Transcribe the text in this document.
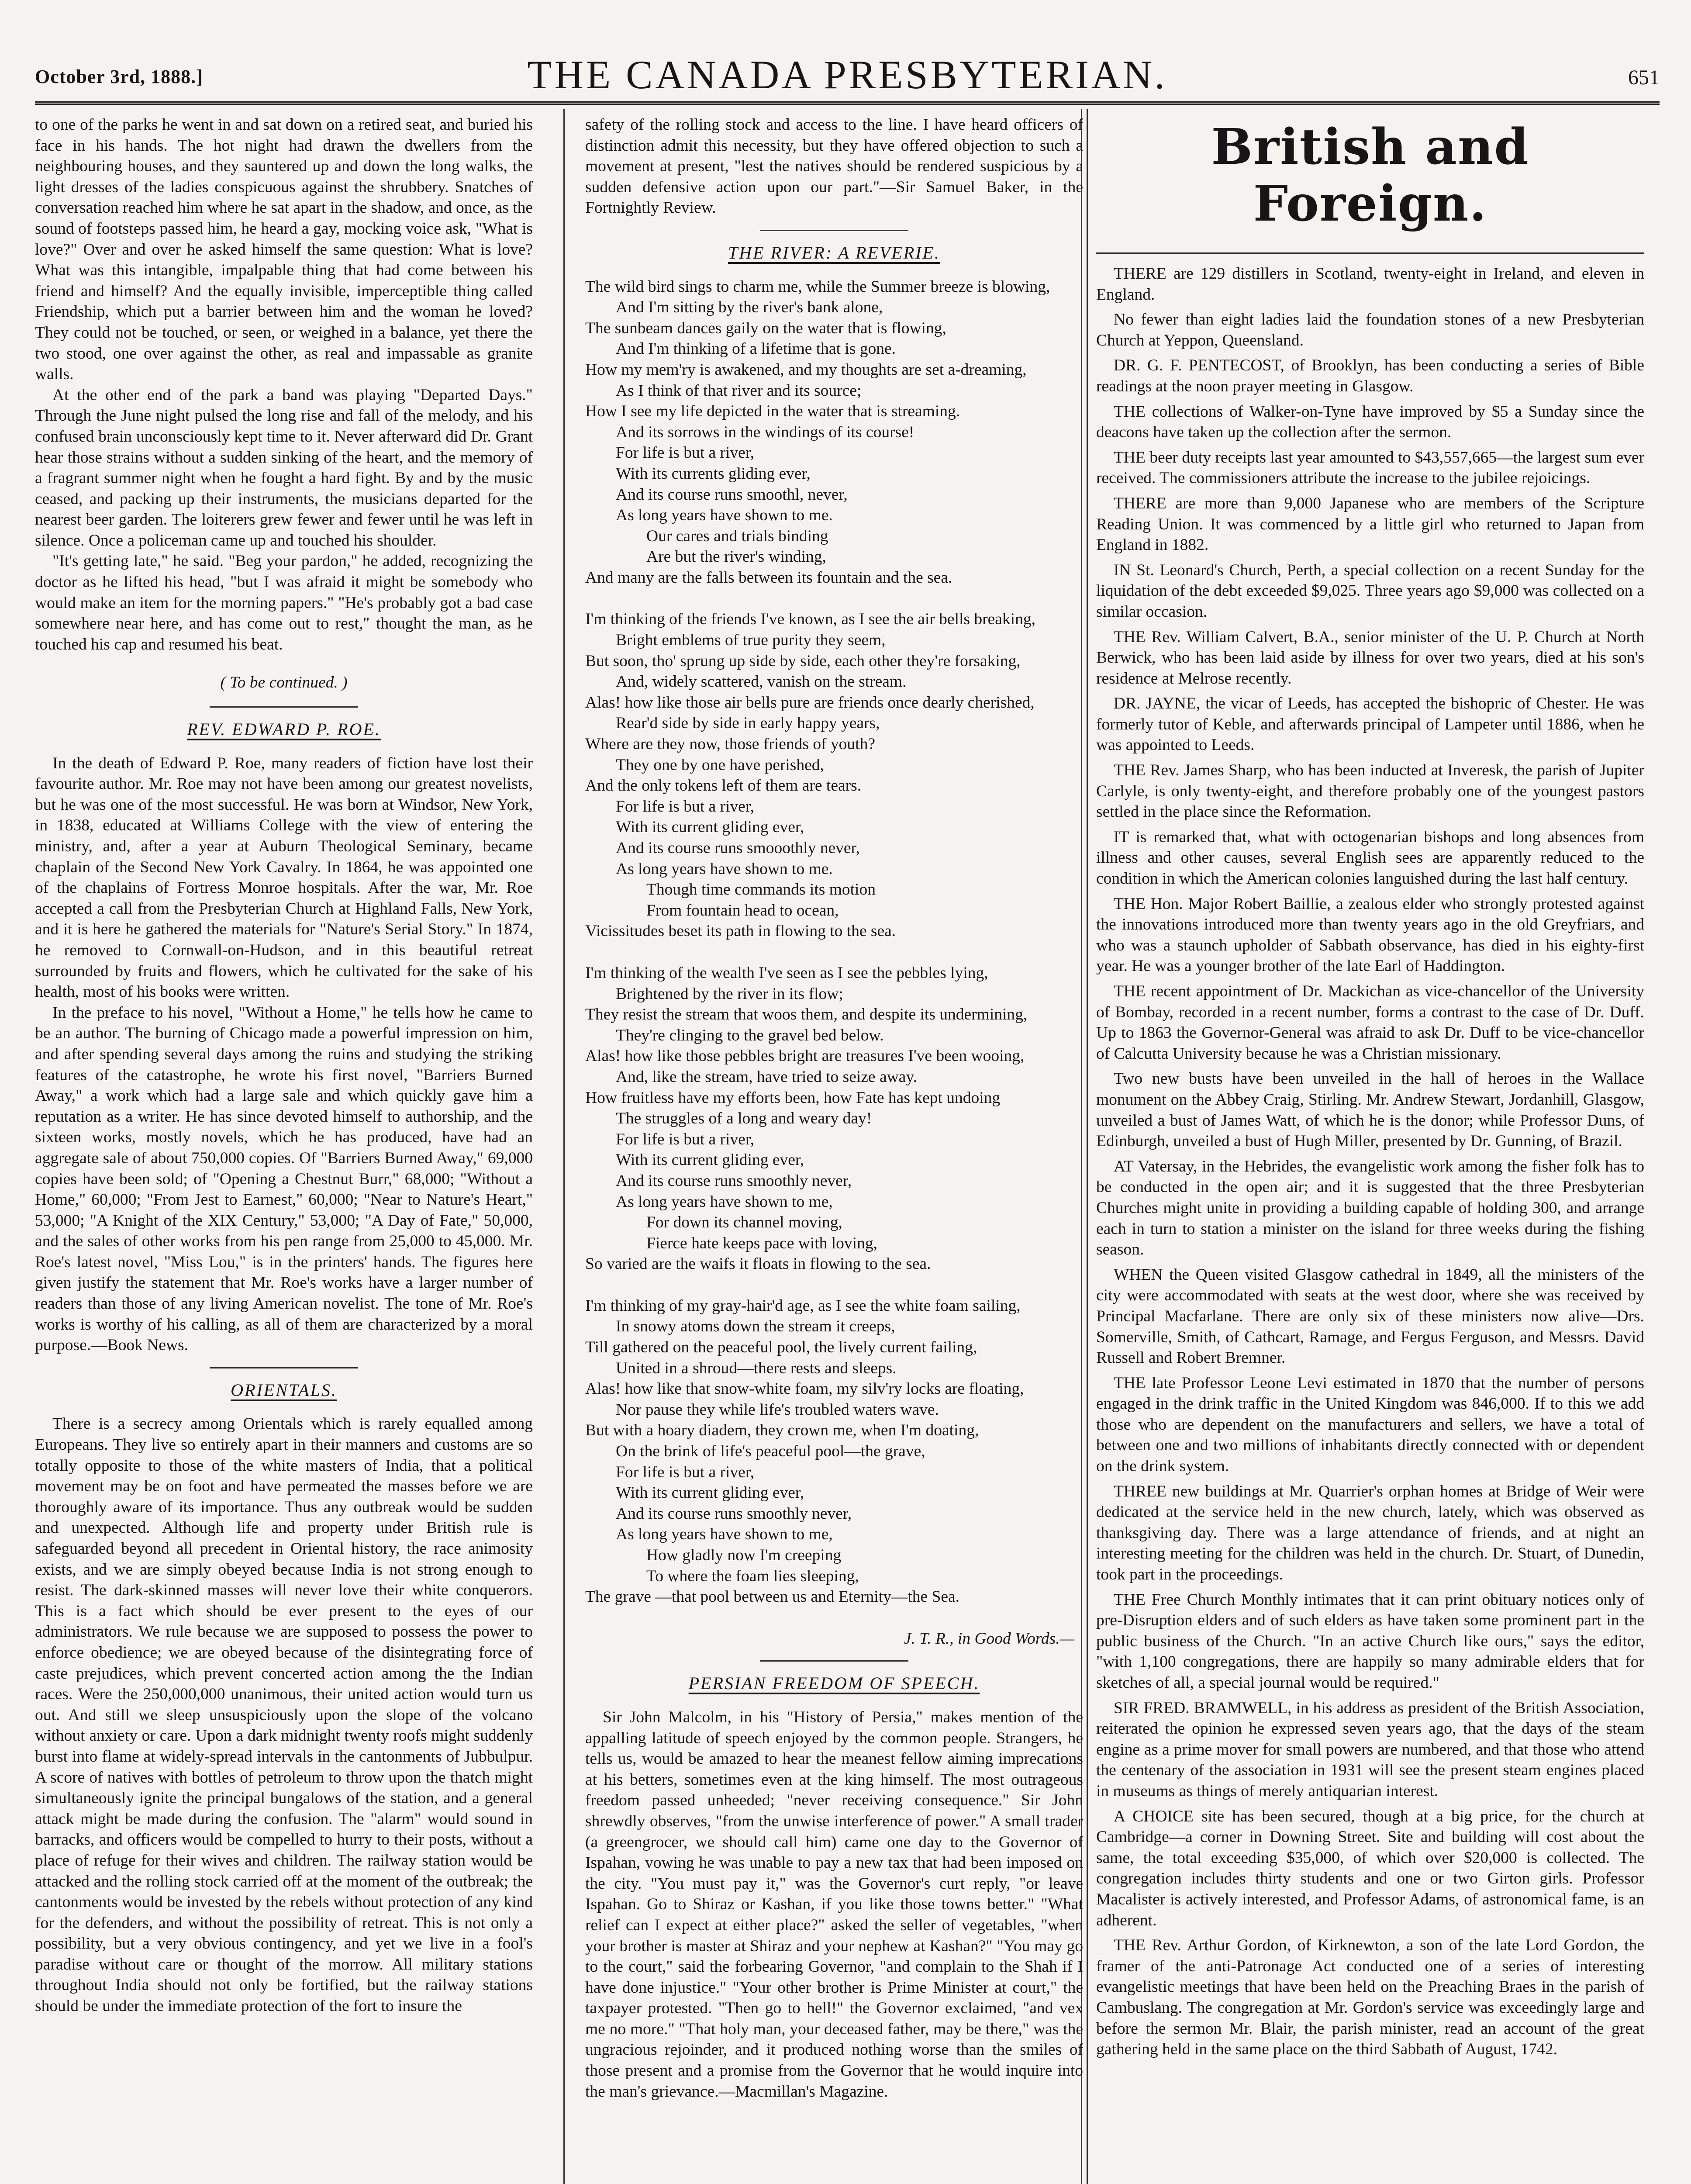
October 3rd, 1888.]	THE CANADA PRESBYTERIAN.	651

to one of the parks he went in and sat down on a retired seat, and buried his face in his hands. The hot night had drawn the dwellers from the neighbouring houses, and they sauntered up and down the long walks, the light dresses of the ladies conspicuous against the shrubbery. Snatches of conversation reached him where he sat apart in the shadow, and once, as the sound of footsteps passed him, he heard a gay, mocking voice ask, "What is love?" Over and over he asked himself the same question: What is love? What was this intangible, impalpable thing that had come between his friend and himself? And the equally invisible, imperceptible thing called Friendship, which put a barrier between him and the woman he loved? They could not be touched, or seen, or weighed in a balance, yet there the two stood, one over against the other, as real and impassable as granite walls.

At the other end of the park a band was playing "Departed Days." Through the June night pulsed the long rise and fall of the melody, and his confused brain unconsciously kept time to it. Never afterward did Dr. Grant hear those strains without a sudden sinking of the heart, and the memory of a fragrant summer night when he fought a hard fight. By and by the music ceased, and packing up their instruments, the musicians departed for the nearest beer garden. The loiterers grew fewer and fewer until he was left in silence. Once a policeman came up and touched his shoulder.

"It's getting late," he said. "Beg your pardon," he added, recognizing the doctor as he lifted his head, "but I was afraid it might be somebody who would make an item for the morning papers." "He's probably got a bad case somewhere near here, and has come out to rest," thought the man, as he touched his cap and resumed his beat.

( To be continued. )
REV. EDWARD P. ROE.

In the death of Edward P. Roe, many readers of fiction have lost their favourite author. Mr. Roe may not have been among our greatest novelists, but he was one of the most successful. He was born at Windsor, New York, in 1838, educated at Williams College with the view of entering the ministry, and, after a year at Auburn Theological Seminary, became chaplain of the Second New York Cavalry. In 1864, he was appointed one of the chaplains of Fortress Monroe hospitals. After the war, Mr. Roe accepted a call from the Presbyterian Church at Highland Falls, New York, and it is here he gathered the materials for "Nature's Serial Story." In 1874, he removed to Cornwall-on-Hudson, and in this beautiful retreat surrounded by fruits and flowers, which he cultivated for the sake of his health, most of his books were written.

In the preface to his novel, "Without a Home," he tells how he came to be an author. The burning of Chicago made a powerful impression on him, and after spending several days among the ruins and studying the striking features of the catastrophe, he wrote his first novel, "Barriers Burned Away," a work which had a large sale and which quickly gave him a reputation as a writer. He has since devoted himself to authorship, and the sixteen works, mostly novels, which he has produced, have had an aggregate sale of about 750,000 copies. Of "Barriers Burned Away," 69,000 copies have been sold; of "Opening a Chestnut Burr," 68,000; "Without a Home," 60,000; "From Jest to Earnest," 60,000; "Near to Nature's Heart," 53,000; "A Knight of the XIX Century," 53,000; "A Day of Fate," 50,000, and the sales of other works from his pen range from 25,000 to 45,000. Mr. Roe's latest novel, "Miss Lou," is in the printers' hands. The figures here given justify the statement that Mr. Roe's works have a larger number of readers than those of any living American novelist. The tone of Mr. Roe's works is worthy of his calling, as all of them are characterized by a moral purpose.—Book News.

ORIENTALS.

There is a secrecy among Orientals which is rarely equalled among Europeans. They live so entirely apart in their manners and customs are so totally opposite to those of the white masters of India, that a political movement may be on foot and have permeated the masses before we are thoroughly aware of its importance. Thus any outbreak would be sudden and unexpected. Although life and property under British rule is safeguarded beyond all precedent in Oriental history, the race animosity exists, and we are simply obeyed because India is not strong enough to resist. The dark-skinned masses will never love their white conquerors. This is a fact which should be ever present to the eyes of our administrators. We rule because we are supposed to possess the power to enforce obedience; we are obeyed because of the disintegrating force of caste prejudices, which prevent concerted action among the the Indian races. Were the 250,000,000 unanimous, their united action would turn us out. And still we sleep unsuspiciously upon the slope of the volcano without anxiety or care. Upon a dark midnight twenty roofs might suddenly burst into flame at widely-spread intervals in the cantonments of Jubbulpur. A score of natives with bottles of petroleum to throw upon the thatch might simultaneously ignite the principal bungalows of the station, and a general attack might be made during the confusion. The "alarm" would sound in barracks, and officers would be compelled to hurry to their posts, without a place of refuge for their wives and children. The railway station would be attacked and the rolling stock carried off at the moment of the outbreak; the cantonments would be invested by the rebels without protection of any kind for the defenders, and without the possibility of retreat. This is not only a possibility, but a very obvious contingency, and yet we live in a fool's paradise without care or thought of the morrow. All military stations throughout India should not only be fortified, but the railway stations should be under the immediate protection of the fort to insure the

safety of the rolling stock and access to the line. I have heard officers of distinction admit this necessity, but they have offered objection to such a movement at present, "lest the natives should be rendered suspicious by a sudden defensive action upon our part."—Sir Samuel Baker, in the Fortnightly Review.

THE RIVER: A REVERIE.
The wild bird sings to charm me, while the Summer breeze is blowing,
And I'm sitting by the river's bank alone,
The sunbeam dances gaily on the water that is flowing,
And I'm thinking of a lifetime that is gone.
How my mem'ry is awakened, and my thoughts are set a-dreaming,
As I think of that river and its source;
How I see my life depicted in the water that is streaming.
And its sorrows in the windings of its course!
For life is but a river,
With its currents gliding ever,
And its course runs smoothl, never,
As long years have shown to me.
Our cares and trials binding
Are but the river's winding,
And many are the falls between its fountain and the sea.
I'm thinking of the friends I've known, as I see the air bells breaking,
Bright emblems of true purity they seem,
But soon, tho' sprung up side by side, each other they're forsaking,
And, widely scattered, vanish on the stream.
Alas! how like those air bells pure are friends once dearly cherished,
Rear'd side by side in early happy years,
Where are they now, those friends of youth?
They one by one have perished,
And the only tokens left of them are tears.
For life is but a river,
With its current gliding ever,
And its course runs smooothly never,
As long years have shown to me.
Though time commands its motion
From fountain head to ocean,
Vicissitudes beset its path in flowing to the sea.
I'm thinking of the wealth I've seen as I see the pebbles lying,
Brightened by the river in its flow;
They resist the stream that woos them, and despite its undermining,
They're clinging to the gravel bed below.
Alas! how like those pebbles bright are treasures I've been wooing,
And, like the stream, have tried to seize away.
How fruitless have my efforts been, how Fate has kept undoing
The struggles of a long and weary day!
For life is but a river,
With its current gliding ever,
And its course runs smoothly never,
As long years have shown to me,
For down its channel moving,
Fierce hate keeps pace with loving,
So varied are the waifs it floats in flowing to the sea.
I'm thinking of my gray-hair'd age, as I see the white foam sailing,
In snowy atoms down the stream it creeps,
Till gathered on the peaceful pool, the lively current failing,
United in a shroud—there rests and sleeps.
Alas! how like that snow-white foam, my silv'ry locks are floating,
Nor pause they while life's troubled waters wave.
But with a hoary diadem, they crown me, when I'm doating,
On the brink of life's peaceful pool—the grave,
For life is but a river,
With its current gliding ever,
And its course runs smoothly never,
As long years have shown to me,
How gladly now I'm creeping
To where the foam lies sleeping,
The grave —that pool between us and Eternity—the Sea.
J. T. R., in Good Words.—
PERSIAN FREEDOM OF SPEECH.

Sir John Malcolm, in his "History of Persia," makes mention of the appalling latitude of speech enjoyed by the common people. Strangers, he tells us, would be amazed to hear the meanest fellow aiming imprecations at his betters, sometimes even at the king himself. The most outrageous freedom passed unheeded; "never receiving consequence." Sir John shrewdly observes, "from the unwise interference of power." A small trader (a greengrocer, we should call him) came one day to the Governor of Ispahan, vowing he was unable to pay a new tax that had been imposed on the city. "You must pay it," was the Governor's curt reply, "or leave Ispahan. Go to Shiraz or Kashan, if you like those towns better." "What relief can I expect at either place?" asked the seller of vegetables, "when your brother is master at Shiraz and your nephew at Kashan?" "You may go to the court," said the forbearing Governor, "and complain to the Shah if I have done injustice." "Your other brother is Prime Minister at court," the taxpayer protested. "Then go to hell!" the Governor exclaimed, "and vex me no more." "That holy man, your deceased father, may be there," was the ungracious rejoinder, and it produced nothing worse than the smiles of those present and a promise from the Governor that he would inquire into the man's grievance.—Macmillan's Magazine.

British and Foreign.

THERE are 129 distillers in Scotland, twenty-eight in Ireland, and eleven in England.

No fewer than eight ladies laid the foundation stones of a new Presbyterian Church at Yeppon, Queensland.

DR. G. F. PENTECOST, of Brooklyn, has been conducting a series of Bible readings at the noon prayer meeting in Glasgow.

THE collections of Walker-on-Tyne have improved by $5 a Sunday since the deacons have taken up the collection after the sermon.

THE beer duty receipts last year amounted to $43,557,665—the largest sum ever received. The commissioners attribute the increase to the jubilee rejoicings.

THERE are more than 9,000 Japanese who are members of the Scripture Reading Union. It was commenced by a little girl who returned to Japan from England in 1882.

IN St. Leonard's Church, Perth, a special collection on a recent Sunday for the liquidation of the debt exceeded $9,025. Three years ago $9,000 was collected on a similar occasion.

THE Rev. William Calvert, B.A., senior minister of the U. P. Church at North Berwick, who has been laid aside by illness for over two years, died at his son's residence at Melrose recently.

DR. JAYNE, the vicar of Leeds, has accepted the bishopric of Chester. He was formerly tutor of Keble, and afterwards principal of Lampeter until 1886, when he was appointed to Leeds.

THE Rev. James Sharp, who has been inducted at Inveresk, the parish of Jupiter Carlyle, is only twenty-eight, and therefore probably one of the youngest pastors settled in the place since the Reformation.

IT is remarked that, what with octogenarian bishops and long absences from illness and other causes, several English sees are apparently reduced to the condition in which the American colonies languished during the last half century.

THE Hon. Major Robert Baillie, a zealous elder who strongly protested against the innovations introduced more than twenty years ago in the old Greyfriars, and who was a staunch upholder of Sabbath observance, has died in his eighty-first year. He was a younger brother of the late Earl of Haddington.

THE recent appointment of Dr. Mackichan as vice-chancellor of the University of Bombay, recorded in a recent number, forms a contrast to the case of Dr. Duff. Up to 1863 the Governor-General was afraid to ask Dr. Duff to be vice-chancellor of Calcutta University because he was a Christian missionary.

Two new busts have been unveiled in the hall of heroes in the Wallace monument on the Abbey Craig, Stirling. Mr. Andrew Stewart, Jordanhill, Glasgow, unveiled a bust of James Watt, of which he is the donor; while Professor Duns, of Edinburgh, unveiled a bust of Hugh Miller, presented by Dr. Gunning, of Brazil.

AT Vatersay, in the Hebrides, the evangelistic work among the fisher folk has to be conducted in the open air; and it is suggested that the three Presbyterian Churches might unite in providing a building capable of holding 300, and arrange each in turn to station a minister on the island for three weeks during the fishing season.

WHEN the Queen visited Glasgow cathedral in 1849, all the ministers of the city were accommodated with seats at the west door, where she was received by Principal Macfarlane. There are only six of these ministers now alive—Drs. Somerville, Smith, of Cathcart, Ramage, and Fergus Ferguson, and Messrs. David Russell and Robert Bremner.

THE late Professor Leone Levi estimated in 1870 that the number of persons engaged in the drink traffic in the United Kingdom was 846,000. If to this we add those who are dependent on the manufacturers and sellers, we have a total of between one and two millions of inhabitants directly connected with or dependent on the drink system.

THREE new buildings at Mr. Quarrier's orphan homes at Bridge of Weir were dedicated at the service held in the new church, lately, which was observed as thanksgiving day. There was a large attendance of friends, and at night an interesting meeting for the children was held in the church. Dr. Stuart, of Dunedin, took part in the proceedings.

THE Free Church Monthly intimates that it can print obituary notices only of pre-Disruption elders and of such elders as have taken some prominent part in the public business of the Church. "In an active Church like ours," says the editor, "with 1,100 congregations, there are happily so many admirable elders that for sketches of all, a special journal would be required."

SIR FRED. BRAMWELL, in his address as president of the British Association, reiterated the opinion he expressed seven years ago, that the days of the steam engine as a prime mover for small powers are numbered, and that those who attend the centenary of the association in 1931 will see the present steam engines placed in museums as things of merely antiquarian interest.

A CHOICE site has been secured, though at a big price, for the church at Cambridge—a corner in Downing Street. Site and building will cost about the same, the total exceeding $35,000, of which over $20,000 is collected. The congregation includes thirty students and one or two Girton girls. Professor Macalister is actively interested, and Professor Adams, of astronomical fame, is an adherent.

THE Rev. Arthur Gordon, of Kirknewton, a son of the late Lord Gordon, the framer of the anti-Patronage Act conducted one of a series of interesting evangelistic meetings that have been held on the Preaching Braes in the parish of Cambuslang. The congregation at Mr. Gordon's service was exceedingly large and before the sermon Mr. Blair, the parish minister, read an account of the great gathering held in the same place on the third Sabbath of August, 1742.
